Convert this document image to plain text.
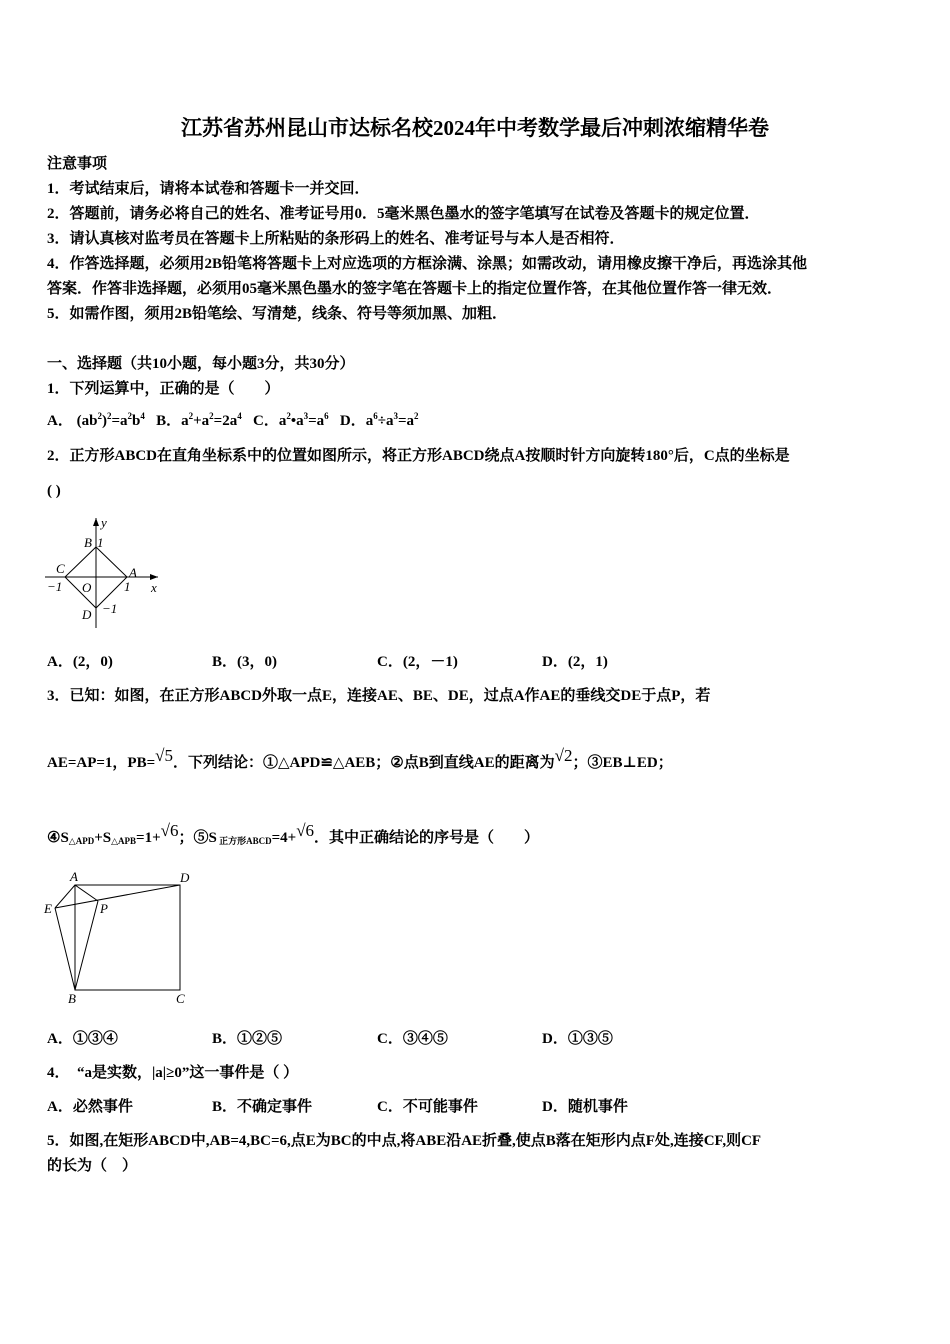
江苏省苏州昆山市达标名校2024年中考数学最后冲刺浓缩精华卷
注意事项
1．考试结束后，请将本试卷和答题卡一并交回．
2．答题前，请务必将自己的姓名、准考证号用0．5毫米黑色墨水的签字笔填写在试卷及答题卡的规定位置．
3．请认真核对监考员在答题卡上所粘贴的条形码上的姓名、准考证号与本人是否相符．
4．作答选择题，必须用2B铅笔将答题卡上对应选项的方框涂满、涂黑；如需改动，请用橡皮擦干净后，再选涂其他
答案．作答非选择题，必须用05毫米黑色墨水的签字笔在答题卡上的指定位置作答，在其他位置作答一律无效．
5．如需作图，须用2B铅笔绘、写清楚，线条、符号等须加黑、加粗．
一、选择题（共10小题，每小题3分，共30分）
1．下列运算中，正确的是（　　）
A． $(ab^2)^2=a^2b^4$ B．$a^2+a^2=2a^4$ C．$a^2•a^3=a^6$ D．$a^6\div a^3=a^2$
2．正方形ABCD在直角坐标系中的位置如图所示，将正方形ABCD绕点A按顺时针方向旋转180°后，C点的坐标是
( )
B 1
y
C	A
O	x
−1	1
D −1
A．(2，0)	B．(3，0)	C．(2，－1)	D．(2，1)
3．已知：如图，在正方形ABCD外取一点E，连接AE、BE、DE，过点A作AE的垂线交DE于点P，若
AE=AP=1，PB=√5．下列结论：①△APD≌△AEB；②点B到直线AE的距离为√2；③EB⊥ED；
$④S_{\triangle APD}+S_{\triangle APB}=1+√6$；⑤S $_{正方形ABCD}$=4+√6．其中正确结论的序号是（　　）
A	D
E	P
B	C
A．①③④	B．①②⑤	C．③④⑤	D．①③⑤
4．　“a是实数，|a|≥0”这一事件是（ ）
A．必然事件	B．不确定事件	C．不可能事件	D．随机事件
5．如图,在矩形ABCD中,AB=4,BC=6,点E为BC的中点,将ABE沿AE折叠,使点B落在矩形内点F处,连接CF,则CF
的长为（　）
